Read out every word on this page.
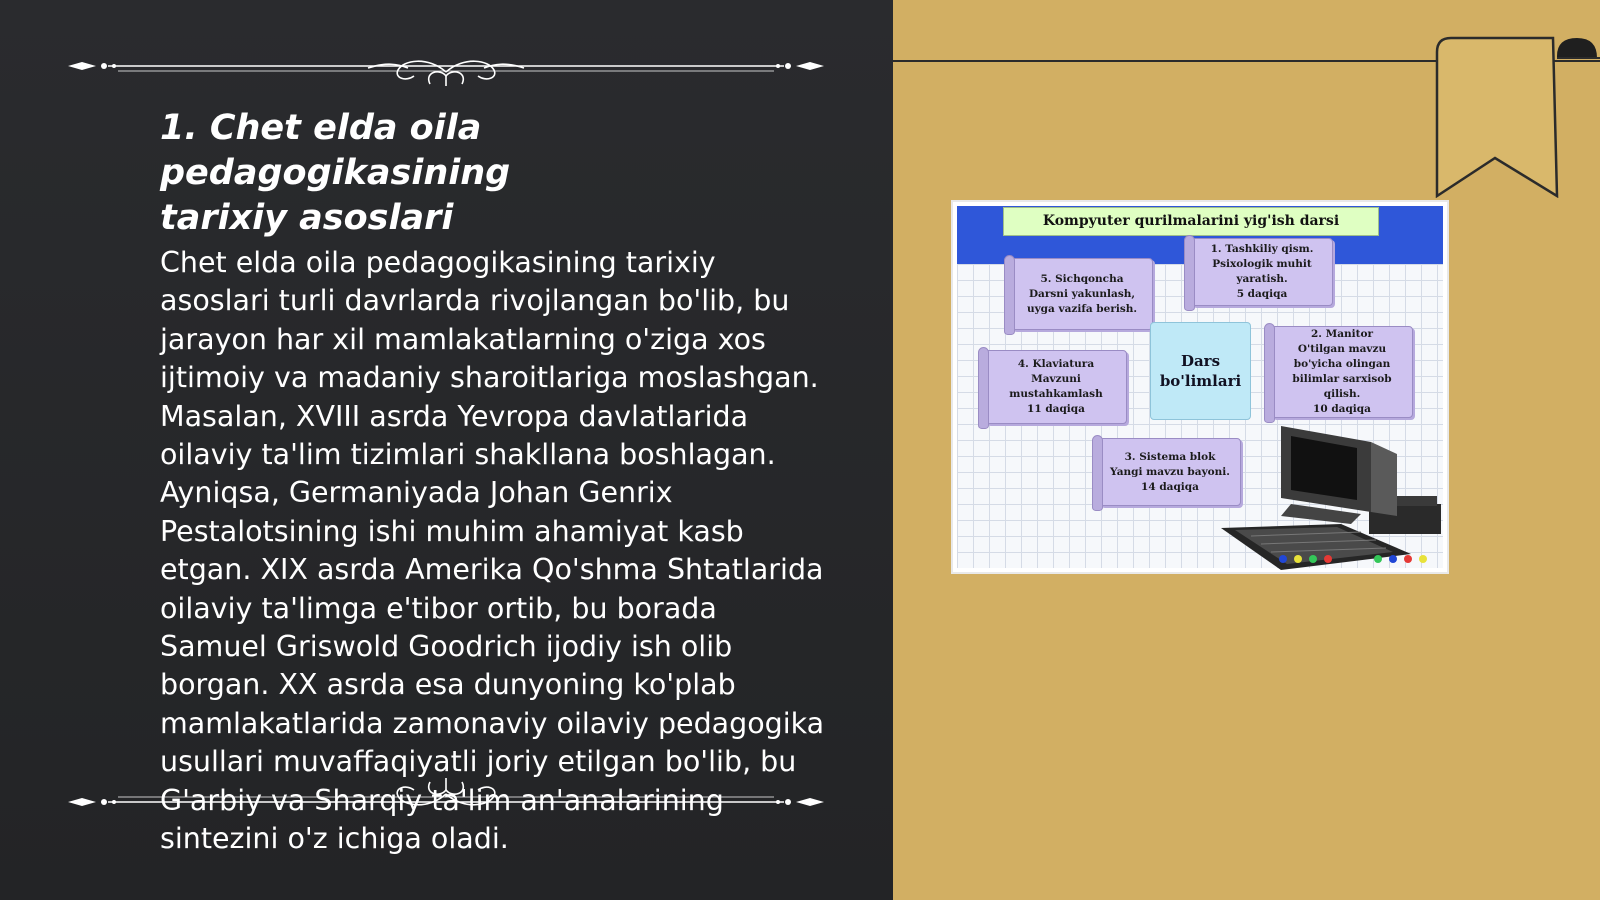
1. Chet elda oila pedagogikasining
tarixiy asoslari

Chet elda oila pedagogikasining tarixiy asoslari turli davrlarda rivojlangan bo'lib, bu jarayon har xil mamlakatlarning o'ziga xos ijtimoiy va madaniy sharoitlariga moslashgan. Masalan, XVIII asrda Yevropa davlatlarida oilaviy ta'lim tizimlari shakllana boshlagan. Ayniqsa, Germaniyada Johan Genrix Pestalotsining ishi muhim ahamiyat kasb etgan. XIX asrda Amerika Qo'shma Shtatlarida oilaviy ta'limga e'tibor ortib, bu borada Samuel Griswold Goodrich ijodiy ish olib borgan. XX asrda esa dunyoning ko'plab mamlakatlarida zamonaviy oilaviy pedagogika usullari muvaffaqiyatli joriy etilgan bo'lib, bu G'arbiy va Sharqiy ta'lim an'analarining sintezini o'z ichiga oladi.

Kompyuter qurilmalarini yig'ish darsi
1. Tashkiliy qism.
Psixologik muhit
yaratish.
5 daqiqa
2. Manitor
O'tilgan mavzu
bo'yicha olingan
bilimlar sarxisob
qilish.
10 daqiqa
3. Sistema blok
Yangi mavzu bayoni.
14 daqiqa
4. Klaviatura
Mavzuni
mustahkamlash
11 daqiqa
5. Sichqoncha
Darsni yakunlash,
uyga vazifa berish.
Dars
bo'limlari
